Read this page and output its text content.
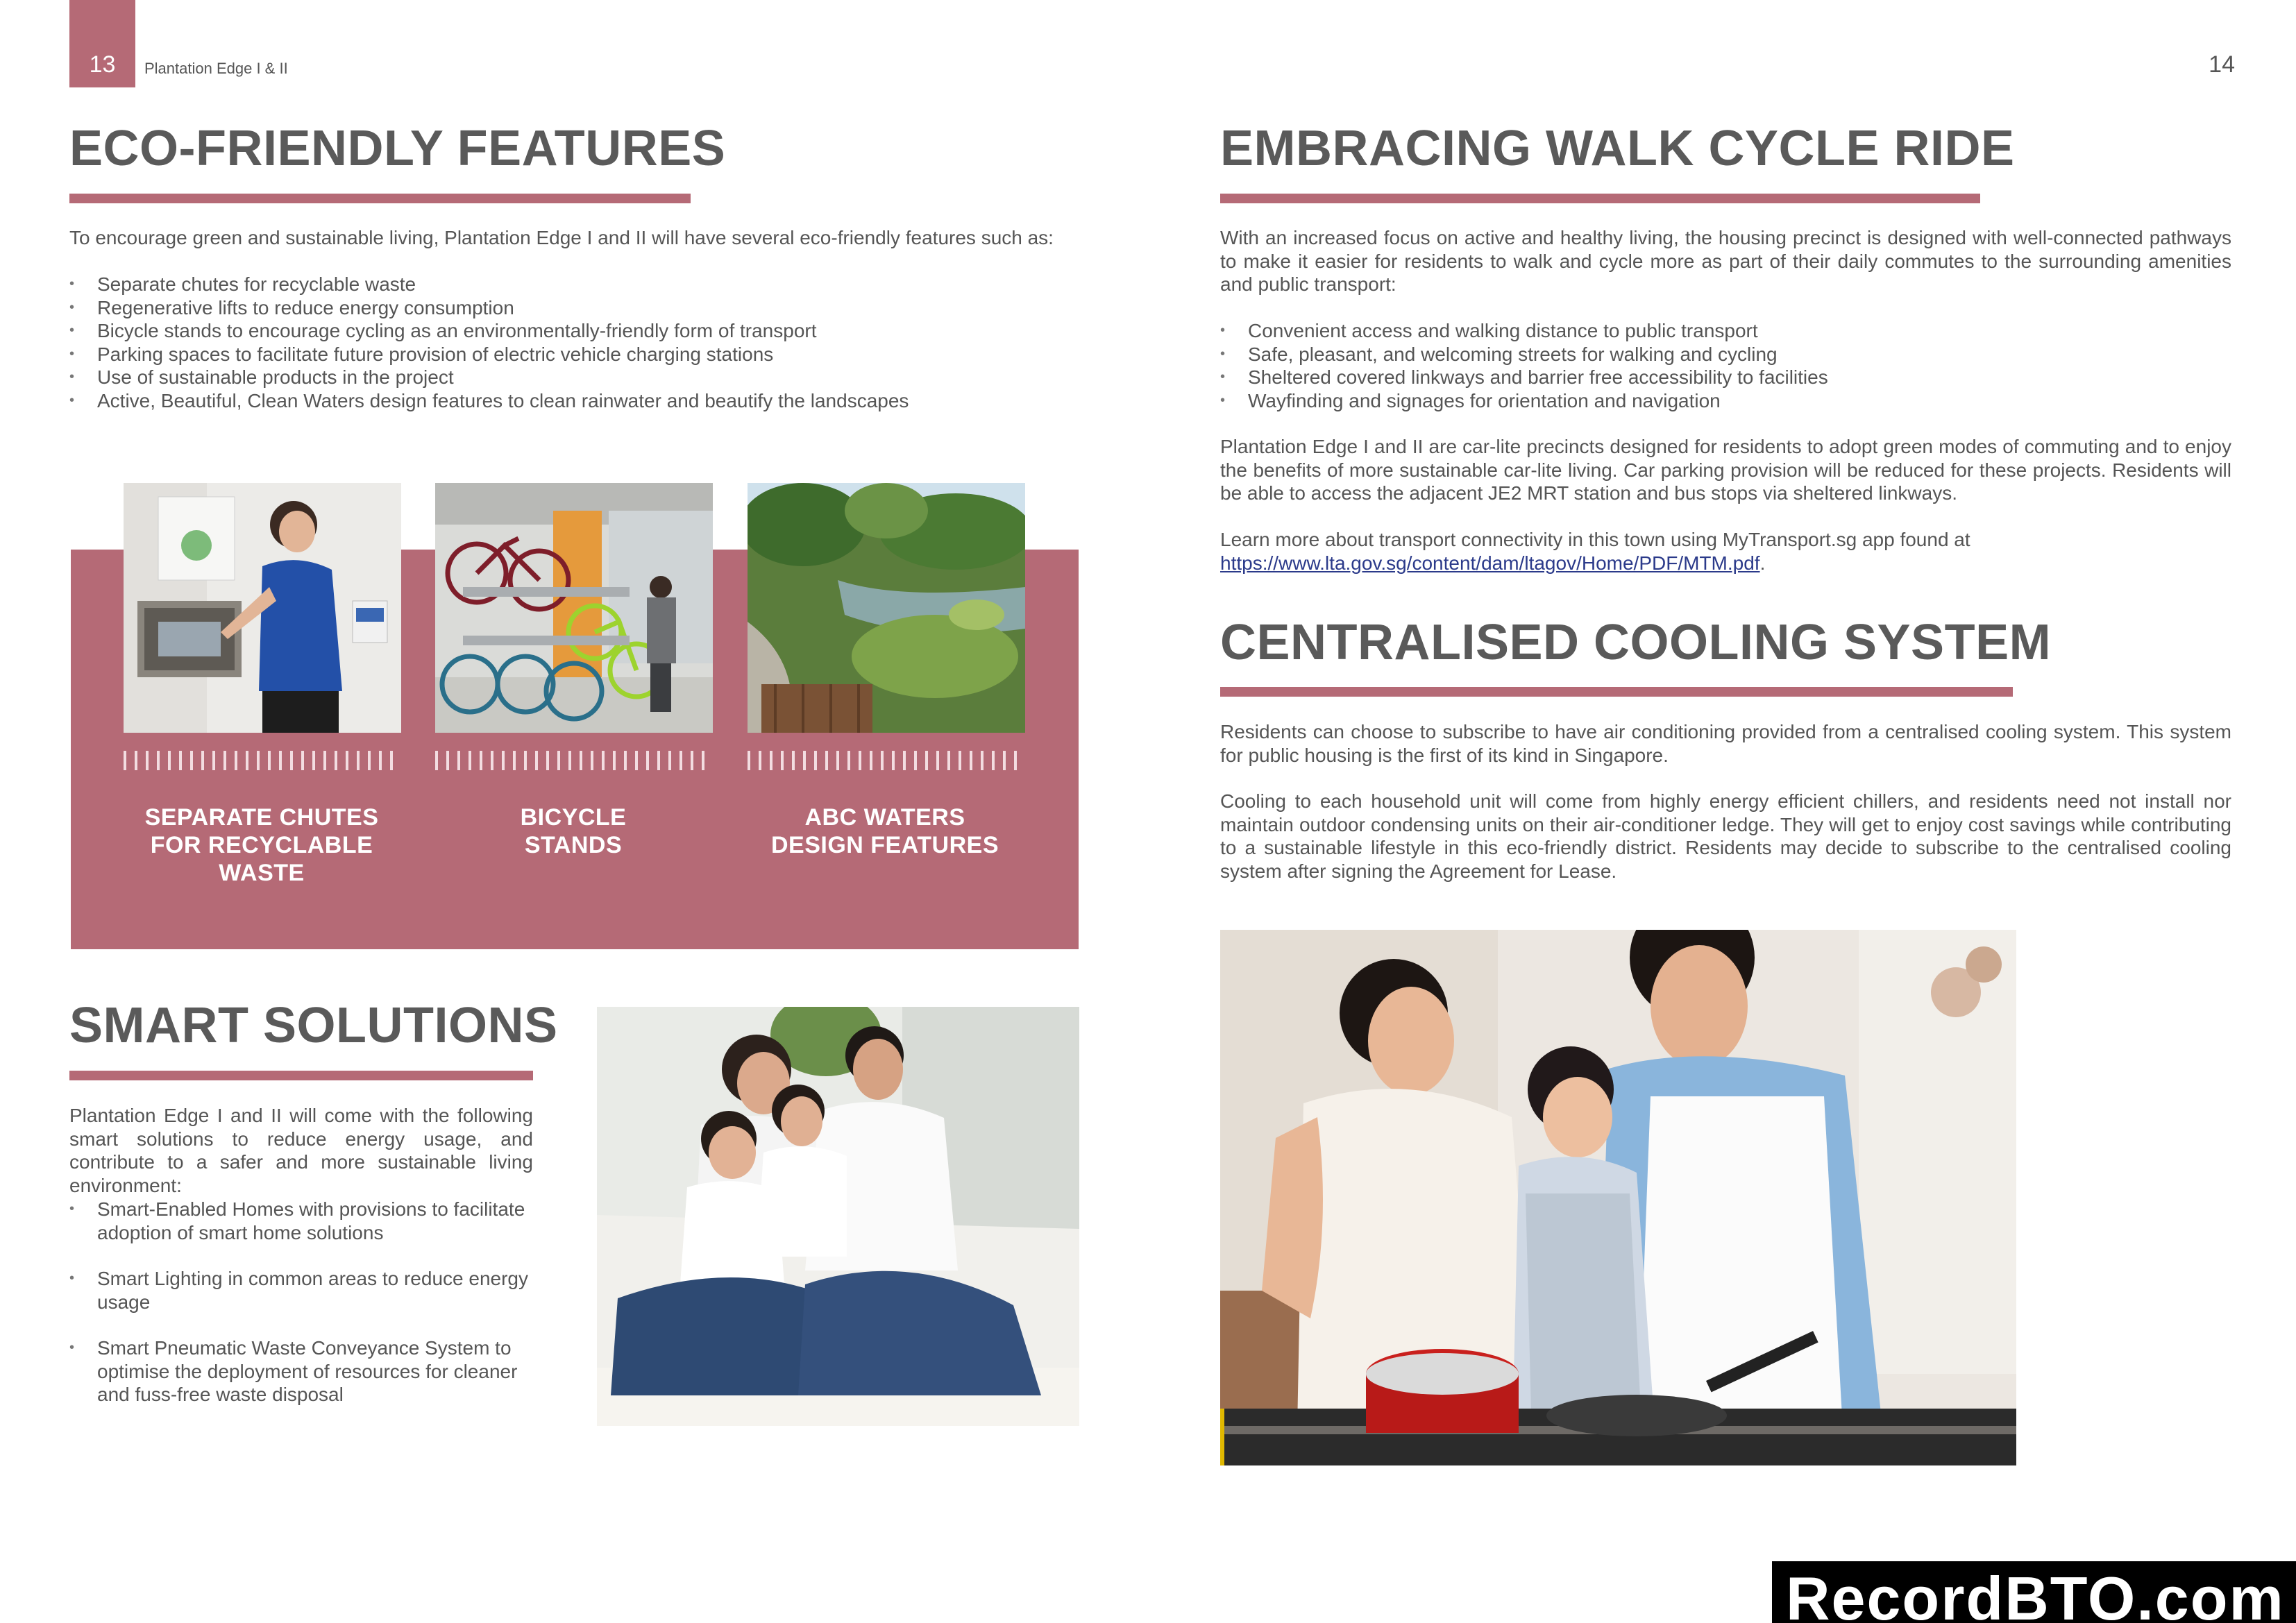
13	Plantation Edge I & II	14
ECO-FRIENDLY FEATURES

To encourage green and sustainable living, Plantation Edge I and II will have several eco-friendly features such as:

• Separate chutes for recyclable waste
• Regenerative lifts to reduce energy consumption
• Bicycle stands to encourage cycling as an environmentally-friendly form of transport
• Parking spaces to facilitate future provision of electric vehicle charging stations
• Use of sustainable products in the project
• Active, Beautiful, Clean Waters design features to clean rainwater and beautify the landscapes
SEPARATE CHUTES FOR RECYCLABLE WASTE
BICYCLE STANDS
ABC WATERS DESIGN FEATURES
SMART SOLUTIONS

Plantation Edge I and II will come with the following smart solutions to reduce energy usage, and contribute to a safer and more sustainable living environment:

• Smart-Enabled Homes with provisions to facilitate adoption of smart home solutions
• Smart Lighting in common areas to reduce energy usage
• Smart Pneumatic Waste Conveyance System to optimise the deployment of resources for cleaner and fuss-free waste disposal
EMBRACING WALK CYCLE RIDE

With an increased focus on active and healthy living, the housing precinct is designed with well-connected pathways to make it easier for residents to walk and cycle more as part of their daily commutes to the surrounding amenities and public transport:

• Convenient access and walking distance to public transport
• Safe, pleasant, and welcoming streets for walking and cycling
• Sheltered covered linkways and barrier free accessibility to facilities
• Wayfinding and signages for orientation and navigation

Plantation Edge I and II are car-lite precincts designed for residents to adopt green modes of commuting and to enjoy the benefits of more sustainable car-lite living. Car parking provision will be reduced for these projects. Residents will be able to access the adjacent JE2 MRT station and bus stops via sheltered linkways.

Learn more about transport connectivity in this town using MyTransport.sg app found at
https://www.lta.gov.sg/content/dam/ltagov/Home/PDF/MTM.pdf.

CENTRALISED COOLING SYSTEM

Residents can choose to subscribe to have air conditioning provided from a centralised cooling system. This system for public housing is the first of its kind in Singapore.

Cooling to each household unit will come from highly energy efficient chillers, and residents need not install nor maintain outdoor condensing units on their air-conditioner ledge. They will get to enjoy cost savings while contributing to a sustainable lifestyle in this eco-friendly district. Residents may decide to subscribe to the centralised cooling system after signing the Agreement for Lease.

RecordBTO.com
